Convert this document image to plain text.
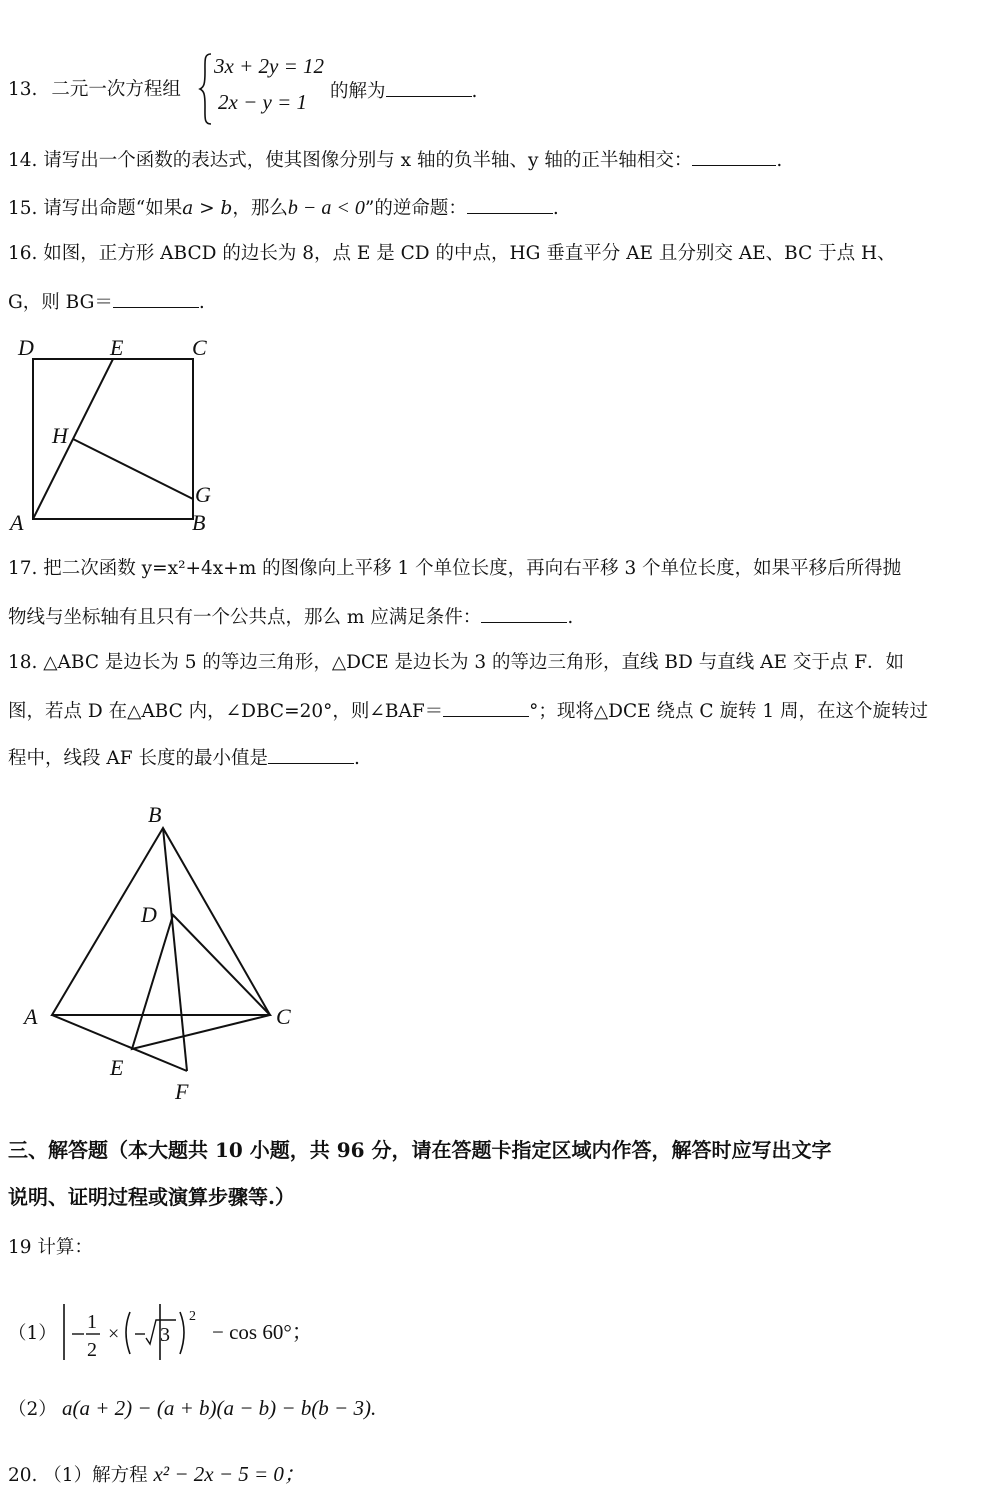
13. 二元一次方程组
3x + 2y = 12
2x − y = 1 的解为	.
14. 请写出一个函数的表达式，使其图像分别与 x 轴的负半轴、y 轴的正半轴相交：	.
15. 请写出命题“如果a > b，那么b − a < 0”的逆命题：	.
16. 如图，正方形 ABCD 的边长为 8，点 E 是 CD 的中点，HG 垂直平分 AE 且分别交 AE、BC 于点 H、
G，则 BG＝	.
D	E	C
H
G
A	B
17. 把二次函数 y=x²+4x+m 的图像向上平移 1 个单位长度，再向右平移 3 个单位长度，如果平移后所得抛
物线与坐标轴有且只有一个公共点，那么 m 应满足条件：	.
18. △ABC 是边长为 5 的等边三角形，△DCE 是边长为 3 的等边三角形，直线 BD 与直线 AE 交于点 F．如
图，若点 D 在△ABC 内，∠DBC=20°，则∠BAF＝	°；现将△DCE 绕点 C 旋转 1 周，在这个旋转过
程中，线段 AF 长度的最小值是	.
B
D
A	C
E
F
三、解答题（本大题共 10 小题，共 96 分，请在答题卡指定区域内作答，解答时应写出文字
说明、证明过程或演算步骤等.）
19 计算：
（1）
1
2
× 3
2
− cos 60°；
（2） a(a + 2) − (a + b)(a − b) − b(b − 3).
20. （1）解方程 x² − 2x − 5 = 0；
